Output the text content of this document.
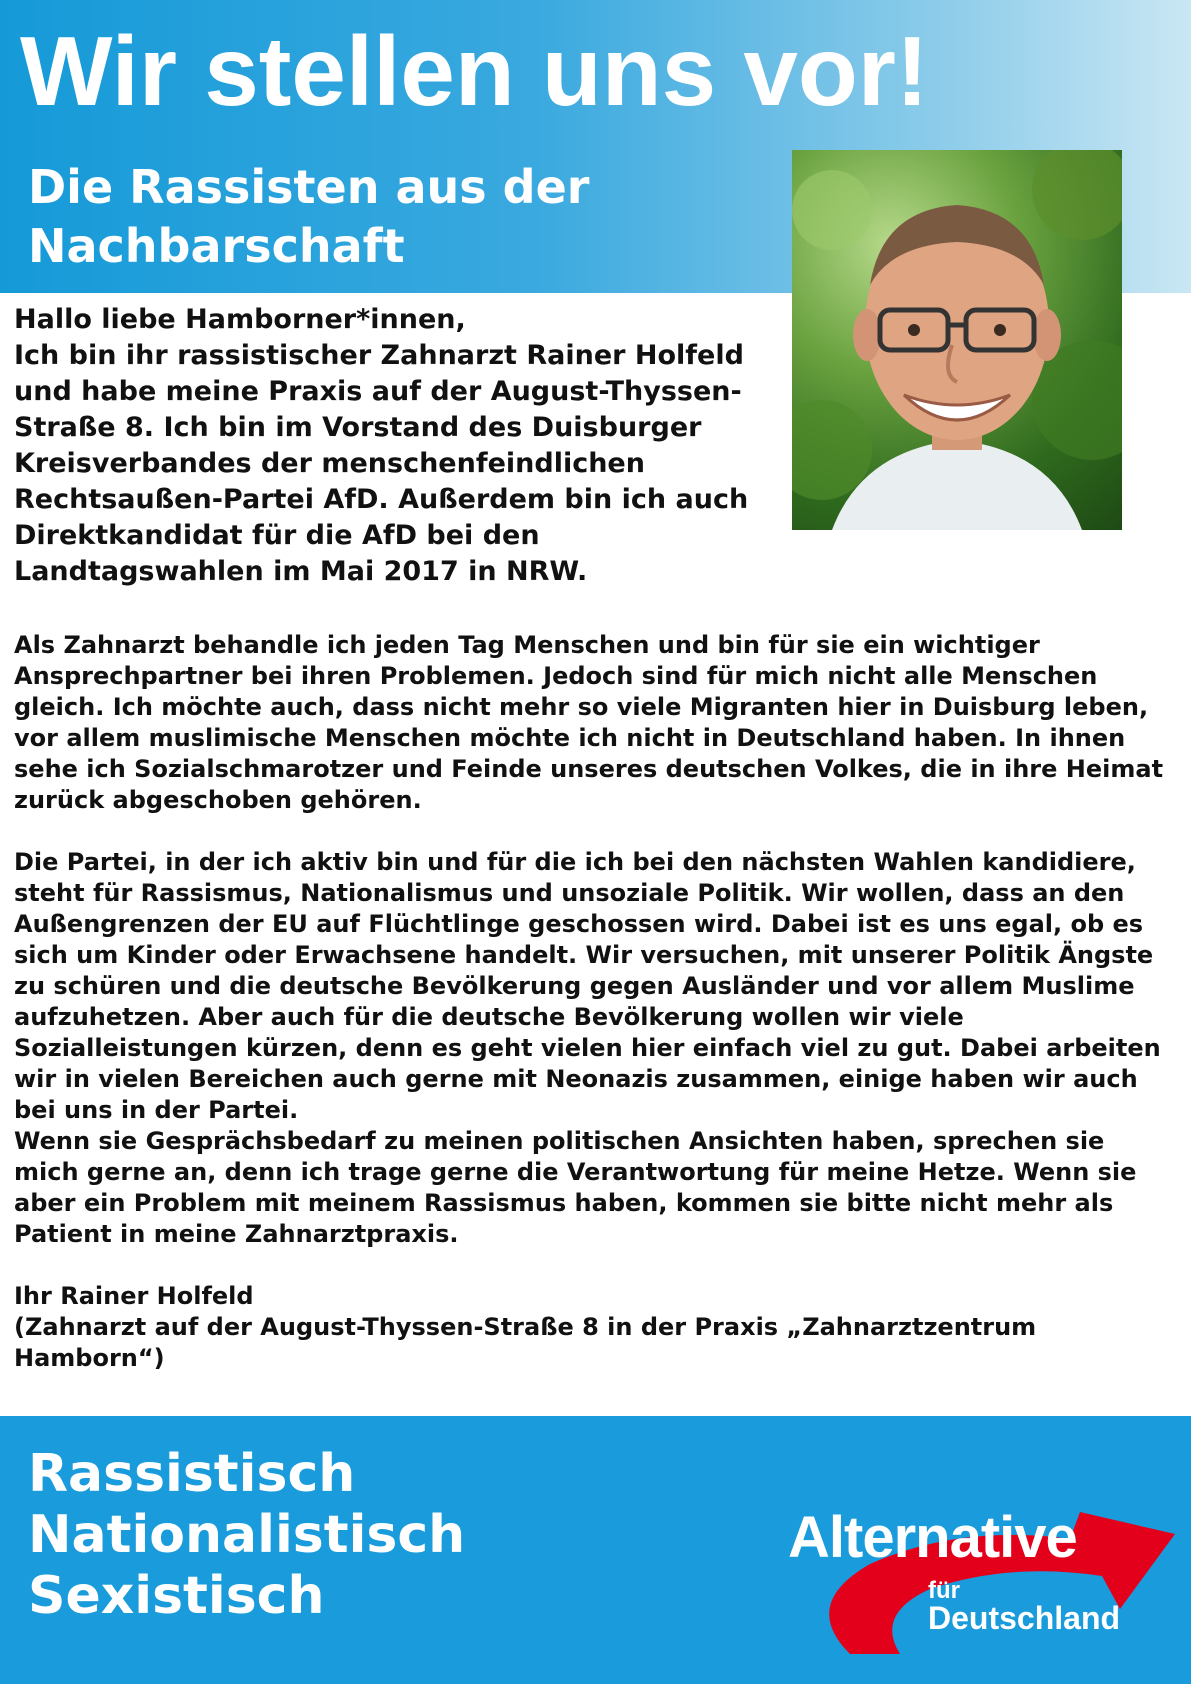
Wir stellen uns vor!
Die Rassisten aus der Nachbarschaft

Hallo liebe Hamborner*innen,

Ich bin ihr rassistischer Zahnarzt Rainer Holfeld und habe meine Praxis auf der August-Thyssen-Straße 8. Ich bin im Vorstand des Duisburger Kreisverbandes der menschenfeindlichen Rechtsaußen-Partei AfD. Außerdem bin ich auch Direktkandidat für die AfD bei den Landtagswahlen im Mai 2017 in NRW.

Als Zahnarzt behandle ich jeden Tag Menschen und bin für sie ein wichtiger Ansprechpartner bei ihren Problemen. Jedoch sind für mich nicht alle Menschen gleich. Ich möchte auch, dass nicht mehr so viele Migranten hier in Duisburg leben, vor allem muslimische Menschen möchte ich nicht in Deutschland haben. In ihnen sehe ich Sozialschmarotzer und Feinde unseres deutschen Volkes, die in ihre Heimat zurück abgeschoben gehören.

Die Partei, in der ich aktiv bin und für die ich bei den nächsten Wahlen kandidiere, steht für Rassismus, Nationalismus und unsoziale Politik. Wir wollen, dass an den Außengrenzen der EU auf Flüchtlinge geschossen wird. Dabei ist es uns egal, ob es sich um Kinder oder Erwachsene handelt. Wir versuchen, mit unserer Politik Ängste zu schüren und die deutsche Bevölkerung gegen Ausländer und vor allem Muslime aufzuhetzen. Aber auch für die deutsche Bevölkerung wollen wir viele Sozialleistungen kürzen, denn es geht vielen hier einfach viel zu gut. Dabei arbeiten wir in vielen Bereichen auch gerne mit Neonazis zusammen, einige haben wir auch bei uns in der Partei.

Wenn sie Gesprächsbedarf zu meinen politischen Ansichten haben, sprechen sie mich gerne an, denn ich trage gerne die Verantwortung für meine Hetze. Wenn sie aber ein Problem mit meinem Rassismus haben, kommen sie bitte nicht mehr als Patient in meine Zahnarztpraxis.

Ihr Rainer Holfeld

(Zahnarzt auf der August-Thyssen-Straße 8 in der Praxis „Zahnarztzentrum Hamborn“)

Rassistisch
Nationalistisch
Sexistisch
Alternative
für
Deutschland
